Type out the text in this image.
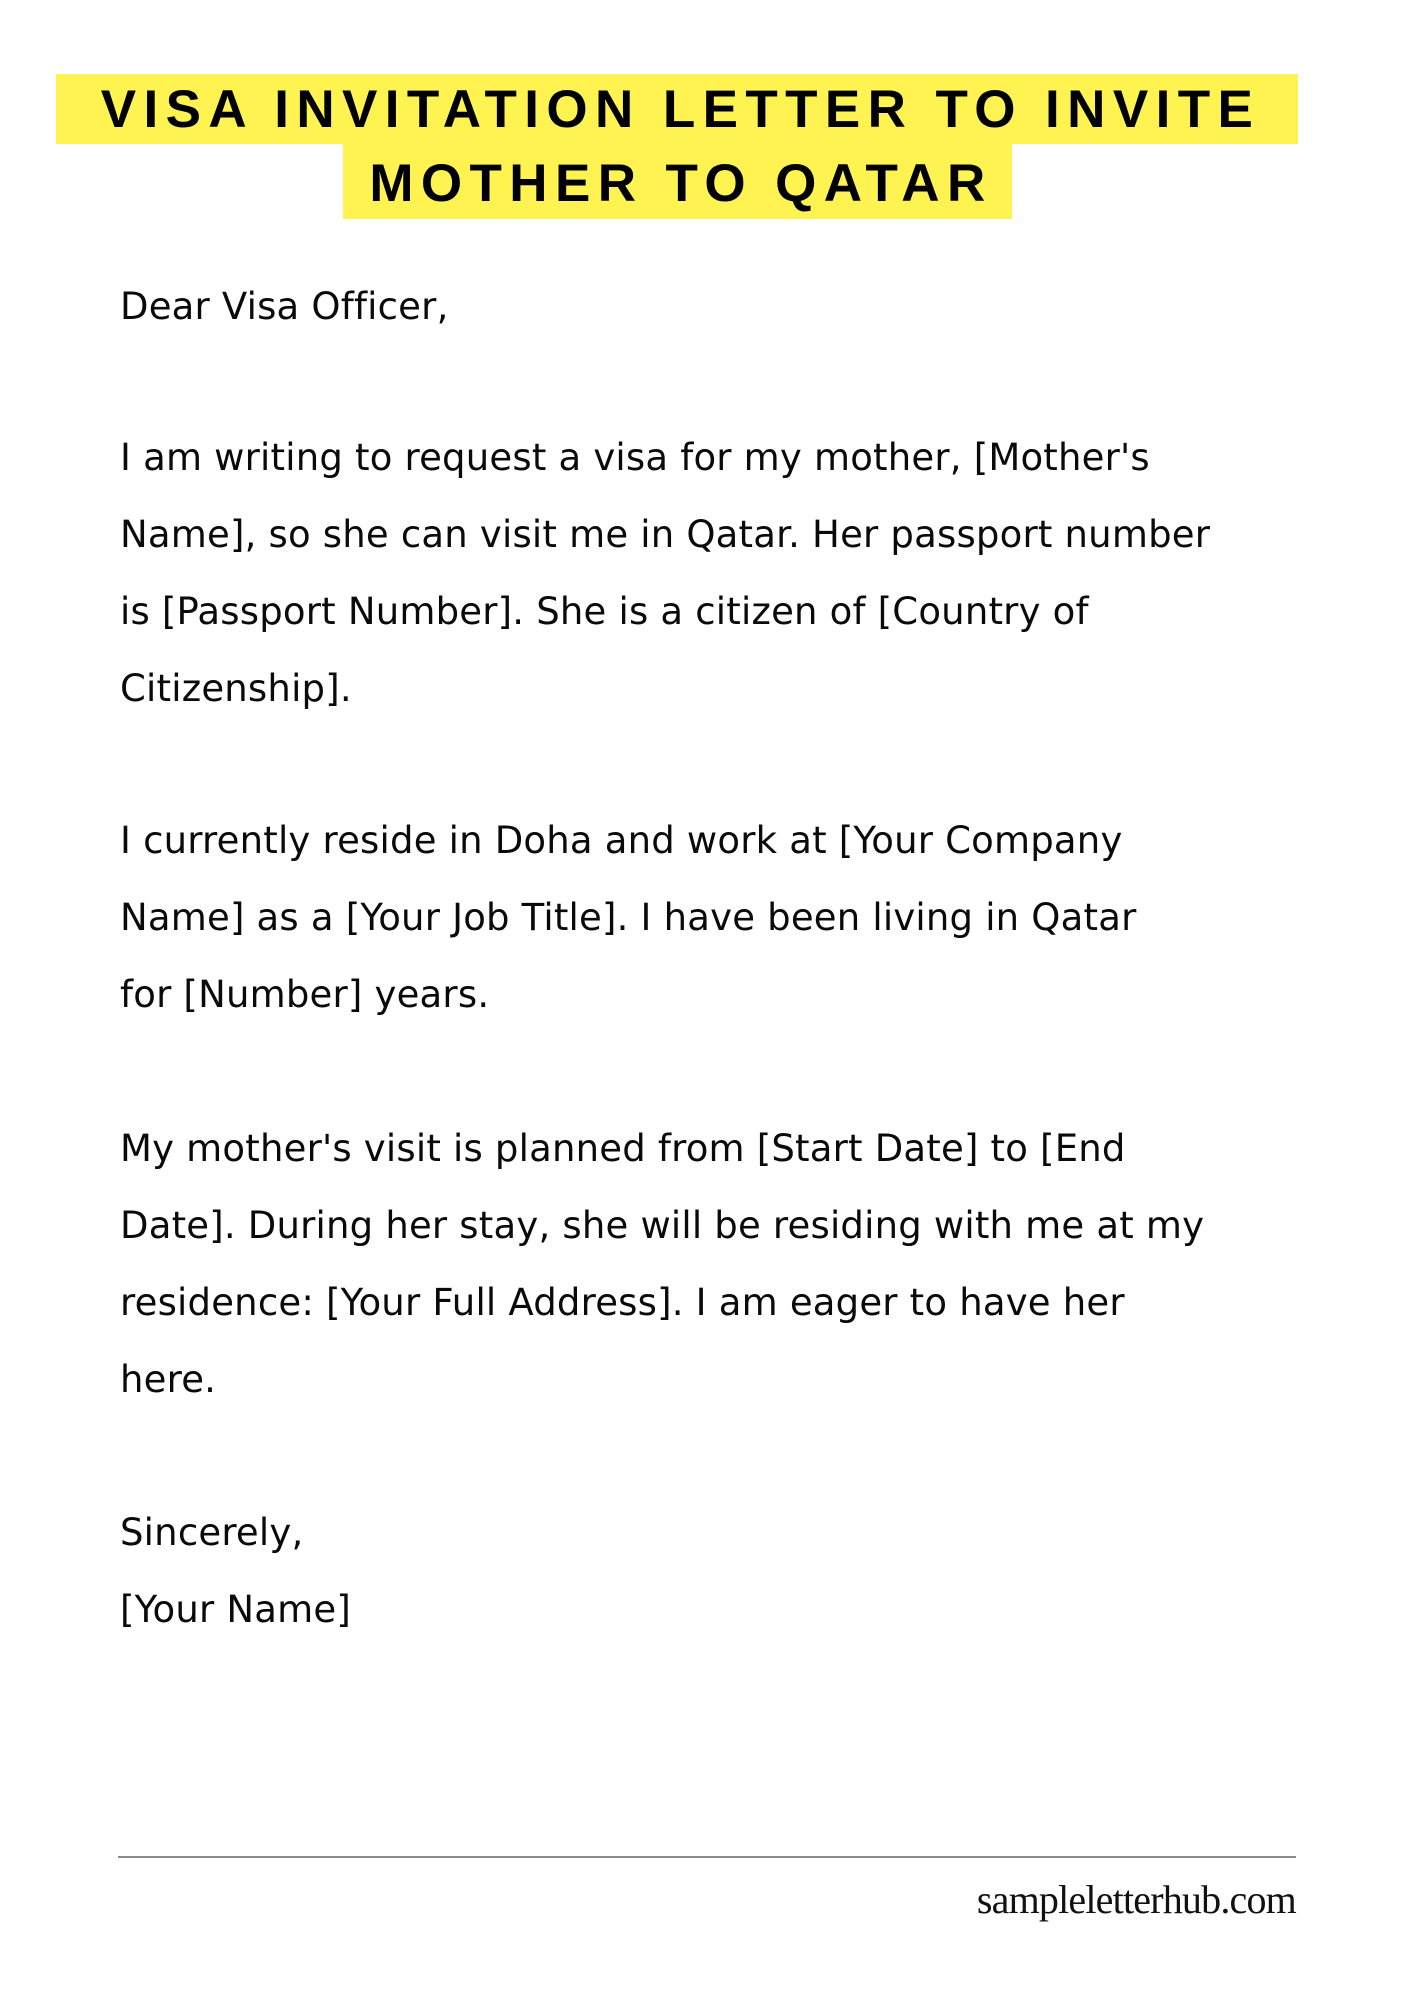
VISA INVITATION LETTER TO INVITE
MOTHER TO QATAR

Dear Visa Officer,

I am writing to request a visa for my mother, [Mother's
Name], so she can visit me in Qatar. Her passport number
is [Passport Number]. She is a citizen of [Country of
Citizenship].
I currently reside in Doha and work at [Your Company
Name] as a [Your Job Title]. I have been living in Qatar
for [Number] years.
My mother's visit is planned from [Start Date] to [End
Date]. During her stay, she will be residing with me at my
residence: [Your Full Address]. I am eager to have her
here.
Sincerely,
[Your Name]
sampleletterhub.com
